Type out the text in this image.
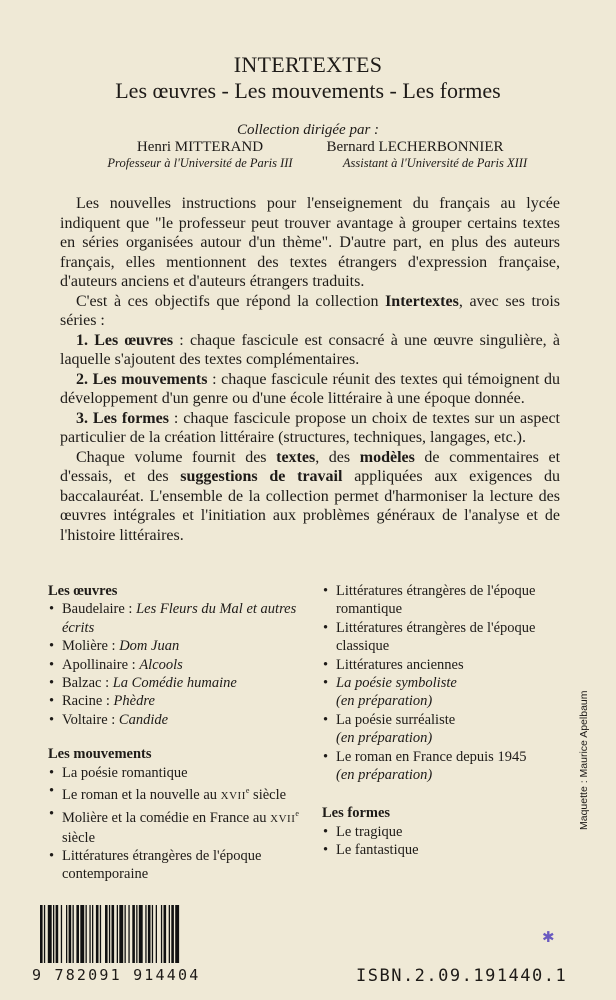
INTERTEXTES
Les œuvres - Les mouvements - Les formes
Collection dirigée par :
Henri MITTERAND
Professeur à l'Université de Paris III
Bernard LECHERBONNIER
Assistant à l'Université de Paris XIII

Les nouvelles instructions pour l'enseignement du français au lycée indiquent que "le professeur peut trouver avantage à grouper certains textes en séries organisées autour d'un thème". D'autre part, en plus des auteurs français, elles mentionnent des textes étrangers d'expression française, d'auteurs anciens et d'auteurs étrangers traduits.

C'est à ces objectifs que répond la collection Intertextes, avec ses trois séries :

1. Les œuvres : chaque fascicule est consacré à une œuvre singulière, à laquelle s'ajoutent des textes complémentaires.

2. Les mouvements : chaque fascicule réunit des textes qui témoignent du développement d'un genre ou d'une école littéraire à une époque donnée.

3. Les formes : chaque fascicule propose un choix de textes sur un aspect particulier de la création littéraire (structures, techniques, langages, etc.).

Chaque volume fournit des textes, des modèles de commentaires et d'essais, et des suggestions de travail appliquées aux exigences du baccalauréat. L'ensemble de la collection permet d'harmoniser la lecture des œuvres intégrales et l'initiation aux problèmes généraux de l'analyse et de l'histoire littéraires.

Les œuvres
• Baudelaire : Les Fleurs du Mal et autres écrits
• Molière : Dom Juan
• Apollinaire : Alcools
• Balzac : La Comédie humaine
• Racine : Phèdre
• Voltaire : Candide
Les mouvements
• La poésie romantique
• Le roman et la nouvelle au XVIIe siècle
• Molière et la comédie en France au XVIIe siècle
• Littératures étrangères de l'époque contemporaine
• Littératures étrangères de l'époque romantique
• Littératures étrangères de l'époque classique
• Littératures anciennes
• La poésie symboliste
(en préparation)
• La poésie surréaliste
(en préparation)
• Le roman en France depuis 1945
(en préparation)
Les formes
• Le tragique
• Le fantastique
9 782091 914404	ISBN.2.09.191440.1
Maquette : Maurice Apelbaum
✱
